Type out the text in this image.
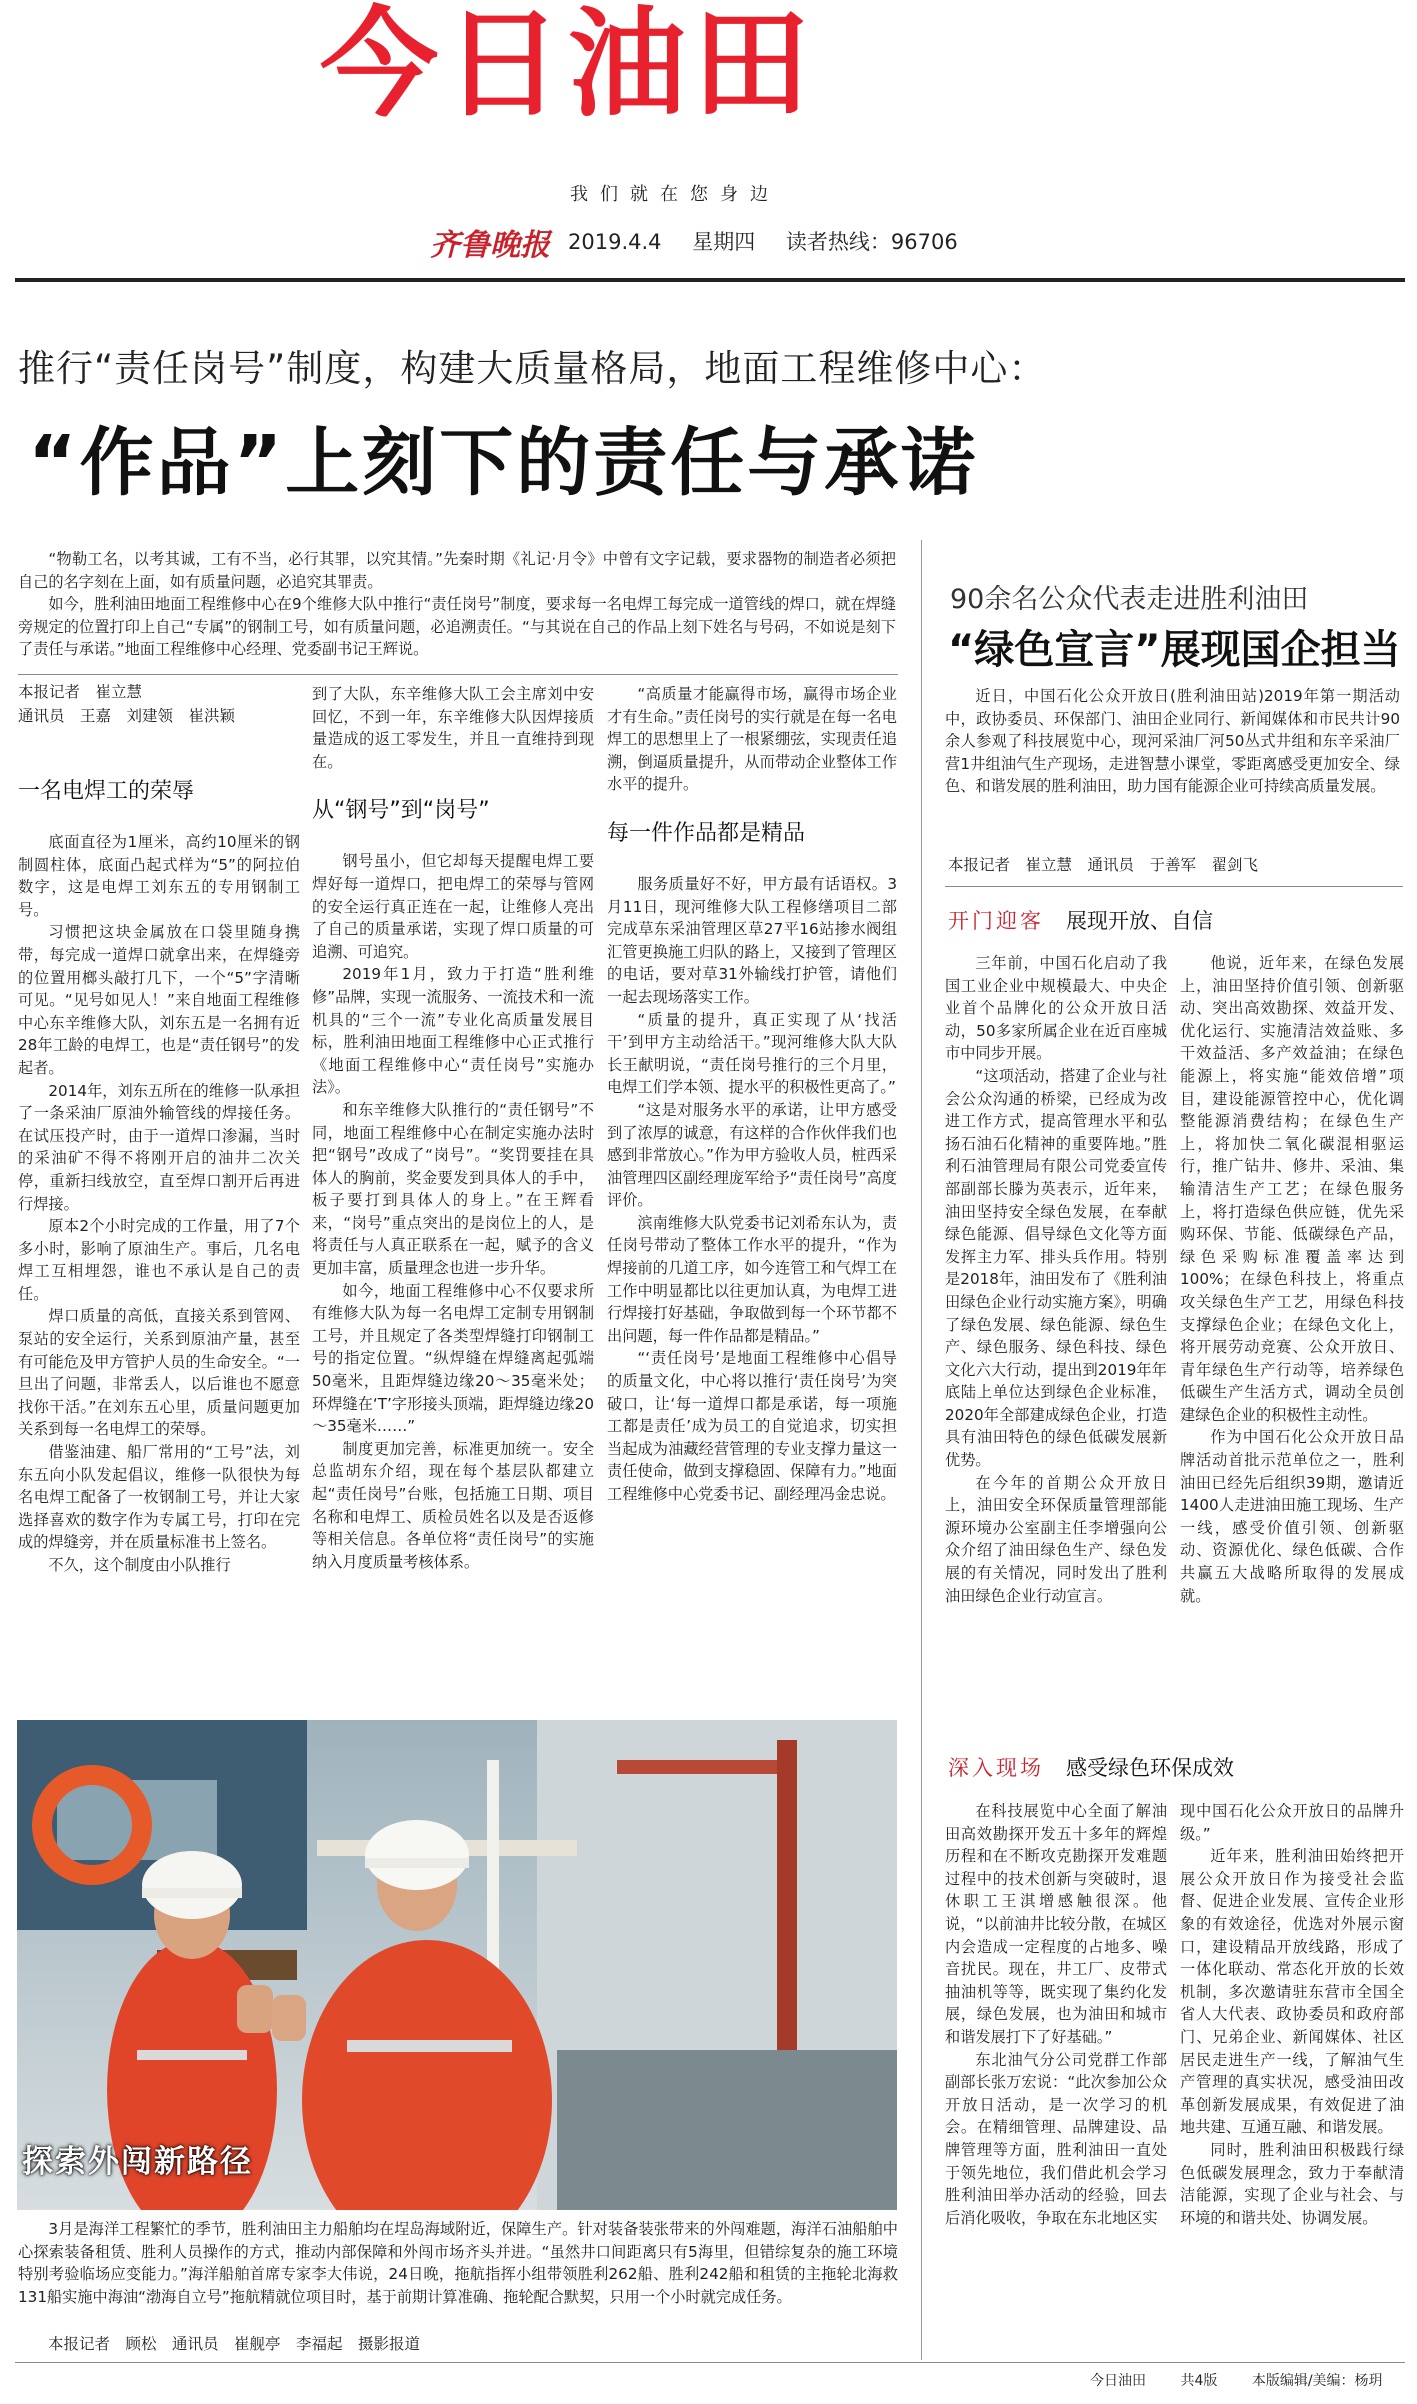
今日油田
我们就在您身边
齐鲁晚报 2019.4.4 星期四 读者热线：96706
推行“责任岗号”制度，构建大质量格局，地面工程维修中心：
“作品”上刻下的责任与承诺

“物勒工名，以考其诚，工有不当，必行其罪，以究其情。”先秦时期《礼记·月令》中曾有文字记载，要求器物的制造者必须把自己的名字刻在上面，如有质量问题，必追究其罪责。

如今，胜利油田地面工程维修中心在9个维修大队中推行“责任岗号”制度，要求每一名电焊工每完成一道管线的焊口，就在焊缝旁规定的位置打印上自己“专属”的钢制工号，如有质量问题，必追溯责任。“与其说在自己的作品上刻下姓名与号码，不如说是刻下了责任与承诺。”地面工程维修中心经理、党委副书记王辉说。

本报记者　崔立慧
通讯员　王嘉　刘建领　崔洪颖
一名电焊工的荣辱

底面直径为1厘米，高约10厘米的钢制圆柱体，底面凸起式样为“5”的阿拉伯数字，这是电焊工刘东五的专用钢制工号。

习惯把这块金属放在口袋里随身携带，每完成一道焊口就拿出来，在焊缝旁的位置用榔头敲打几下，一个“5”字清晰可见。“见号如见人！”来自地面工程维修中心东辛维修大队，刘东五是一名拥有近28年工龄的电焊工，也是“责任钢号”的发起者。

2014年，刘东五所在的维修一队承担了一条采油厂原油外输管线的焊接任务。在试压投产时，由于一道焊口渗漏，当时的采油矿不得不将刚开启的油井二次关停，重新扫线放空，直至焊口割开后再进行焊接。

原本2个小时完成的工作量，用了7个多小时，影响了原油生产。事后，几名电焊工互相埋怨，谁也不承认是自己的责任。

焊口质量的高低，直接关系到管网、泵站的安全运行，关系到原油产量，甚至有可能危及甲方管护人员的生命安全。“一旦出了问题，非常丢人，以后谁也不愿意找你干活。”在刘东五心里，质量问题更加关系到每一名电焊工的荣辱。

借鉴油建、船厂常用的“工号”法，刘东五向小队发起倡议，维修一队很快为每名电焊工配备了一枚钢制工号，并让大家选择喜欢的数字作为专属工号，打印在完成的焊缝旁，并在质量标准书上签名。

不久，这个制度由小队推行

到了大队，东辛维修大队工会主席刘中安回忆，不到一年，东辛维修大队因焊接质量造成的返工零发生，并且一直维持到现在。

从“钢号”到“岗号”

钢号虽小，但它却每天提醒电焊工要焊好每一道焊口，把电焊工的荣辱与管网的安全运行真正连在一起，让维修人亮出了自己的质量承诺，实现了焊口质量的可追溯、可追究。

2019年1月，致力于打造“胜利维修”品牌，实现一流服务、一流技术和一流机具的“三个一流”专业化高质量发展目标，胜利油田地面工程维修中心正式推行《地面工程维修中心“责任岗号”实施办法》。

和东辛维修大队推行的“责任钢号”不同，地面工程维修中心在制定实施办法时把“钢号”改成了“岗号”。“奖罚要挂在具体人的胸前，奖金要发到具体人的手中，板子要打到具体人的身上。”在王辉看来，“岗号”重点突出的是岗位上的人，是将责任与人真正联系在一起，赋予的含义更加丰富，质量理念也进一步升华。

如今，地面工程维修中心不仅要求所有维修大队为每一名电焊工定制专用钢制工号，并且规定了各类型焊缝打印钢制工号的指定位置。“纵焊缝在焊缝离起弧端50毫米，且距焊缝边缘20～35毫米处；环焊缝在‘T’字形接头顶端，距焊缝边缘20～35毫米……”

制度更加完善，标准更加统一。安全总监胡东介绍，现在每个基层队都建立起“责任岗号”台账，包括施工日期、项目名称和电焊工、质检员姓名以及是否返修等相关信息。各单位将“责任岗号”的实施纳入月度质量考核体系。

“高质量才能赢得市场，赢得市场企业才有生命。”责任岗号的实行就是在每一名电焊工的思想里上了一根紧绷弦，实现责任追溯，倒逼质量提升，从而带动企业整体工作水平的提升。

每一件作品都是精品

服务质量好不好，甲方最有话语权。3月11日，现河维修大队工程修缮项目二部完成草东采油管理区草27平16站掺水阀组汇管更换施工归队的路上，又接到了管理区的电话，要对草31外输线打护管，请他们一起去现场落实工作。

“质量的提升，真正实现了从‘找活干’到甲方主动给活干。”现河维修大队大队长王献明说，“责任岗号推行的三个月里，电焊工们学本领、提水平的积极性更高了。”

“这是对服务水平的承诺，让甲方感受到了浓厚的诚意，有这样的合作伙伴我们也感到非常放心。”作为甲方验收人员，桩西采油管理四区副经理庞军给予“责任岗号”高度评价。

滨南维修大队党委书记刘希东认为，责任岗号带动了整体工作水平的提升，“作为焊接前的几道工序，如今连管工和气焊工在工作中明显都比以往更加认真，为电焊工进行焊接打好基础，争取做到每一个环节都不出问题，每一件作品都是精品。”

“‘责任岗号’是地面工程维修中心倡导的质量文化，中心将以推行‘责任岗号’为突破口，让‘每一道焊口都是承诺，每一项施工都是责任’成为员工的自觉追求，切实担当起成为油藏经营管理的专业支撑力量这一责任使命，做到支撑稳固、保障有力。”地面工程维修中心党委书记、副经理冯金忠说。

探索外闯新路径

3月是海洋工程繁忙的季节，胜利油田主力船舶均在埕岛海域附近，保障生产。针对装备装张带来的外闯难题，海洋石油船舶中心探索装备租赁、胜利人员操作的方式，推动内部保障和外闯市场齐头并进。“虽然井口间距离只有5海里，但错综复杂的施工环境特别考验临场应变能力。”海洋船舶首席专家李大伟说，24日晚，拖航指挥小组带领胜利262船、胜利242船和租赁的主拖轮北海救131船实施中海油“渤海自立号”拖航精就位项目时，基于前期计算准确、拖轮配合默契，只用一个小时就完成任务。

本报记者　顾松　通讯员　崔舰亭　李福起　摄影报道
90余名公众代表走进胜利油田
“绿色宣言”展现国企担当
近日，中国石化公众开放日(胜利油田站)2019年第一期活动中，政协委员、环保部门、油田企业同行、新闻媒体和市民共计90余人参观了科技展览中心，现河采油厂河50丛式井组和东辛采油厂营1井组油气生产现场，走进智慧小课堂，零距离感受更加安全、绿色、和谐发展的胜利油田，助力国有能源企业可持续高质量发展。
本报记者　崔立慧　通讯员　于善军　翟剑飞
开门迎客 展现开放、自信

三年前，中国石化启动了我国工业企业中规模最大、中央企业首个品牌化的公众开放日活动，50多家所属企业在近百座城市中同步开展。

“这项活动，搭建了企业与社会公众沟通的桥梁，已经成为改进工作方式，提高管理水平和弘扬石油石化精神的重要阵地。”胜利石油管理局有限公司党委宣传部副部长滕为英表示，近年来，油田坚持安全绿色发展，在奉献绿色能源、倡导绿色文化等方面发挥主力军、排头兵作用。特别是2018年，油田发布了《胜利油田绿色企业行动实施方案》，明确了绿色发展、绿色能源、绿色生产、绿色服务、绿色科技、绿色文化六大行动，提出到2019年年底陆上单位达到绿色企业标准，2020年全部建成绿色企业，打造具有油田特色的绿色低碳发展新优势。

在今年的首期公众开放日上，油田安全环保质量管理部能源环境办公室副主任李增强向公众介绍了油田绿色生产、绿色发展的有关情况，同时发出了胜利油田绿色企业行动宣言。

他说，近年来，在绿色发展上，油田坚持价值引领、创新驱动、突出高效勘探、效益开发、优化运行、实施清洁效益账、多干效益活、多产效益油；在绿色能源上，将实施“能效倍增”项目，建设能源管控中心，优化调整能源消费结构；在绿色生产上，将加快二氧化碳混相驱运行，推广钻井、修井、采油、集输清洁生产工艺；在绿色服务上，将打造绿色供应链，优先采购环保、节能、低碳绿色产品，绿色采购标准覆盖率达到100%；在绿色科技上，将重点攻关绿色生产工艺，用绿色科技支撑绿色企业；在绿色文化上，将开展劳动竞赛、公众开放日、青年绿色生产行动等，培养绿色低碳生产生活方式，调动全员创建绿色企业的积极性主动性。

作为中国石化公众开放日品牌活动首批示范单位之一，胜利油田已经先后组织39期，邀请近1400人走进油田施工现场、生产一线，感受价值引领、创新驱动、资源优化、绿色低碳、合作共赢五大战略所取得的发展成就。

深入现场 感受绿色环保成效

在科技展览中心全面了解油田高效勘探开发五十多年的辉煌历程和在不断攻克勘探开发难题过程中的技术创新与突破时，退休职工王淇增感触很深。他说，“以前油井比较分散，在城区内会造成一定程度的占地多、噪音扰民。现在，井工厂、皮带式抽油机等等，既实现了集约化发展，绿色发展，也为油田和城市和谐发展打下了好基础。”

东北油气分公司党群工作部副部长张万宏说：“此次参加公众开放日活动，是一次学习的机会。在精细管理、品牌建设、品牌管理等方面，胜利油田一直处于领先地位，我们借此机会学习胜利油田举办活动的经验，回去后消化吸收，争取在东北地区实

现中国石化公众开放日的品牌升级。”

近年来，胜利油田始终把开展公众开放日作为接受社会监督、促进企业发展、宣传企业形象的有效途径，优选对外展示窗口，建设精品开放线路，形成了一体化联动、常态化开放的长效机制，多次邀请驻东营市全国全省人大代表、政协委员和政府部门、兄弟企业、新闻媒体、社区居民走进生产一线，了解油气生产管理的真实状况，感受油田改革创新发展成果，有效促进了油地共建、互通互融、和谐发展。

同时，胜利油田积极践行绿色低碳发展理念，致力于奉献清洁能源，实现了企业与社会、与环境的和谐共处、协调发展。

今日油田 共4版 本版编辑/美编：杨玥
